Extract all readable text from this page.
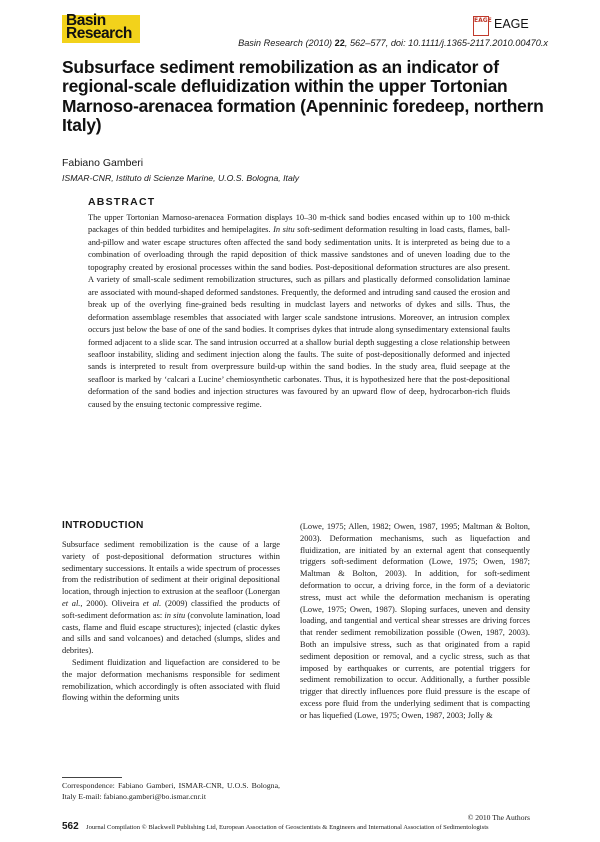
Basin
Research
EAGE EAGE
Basin Research (2010) 22, 562–577, doi: 10.1111/j.1365-2117.2010.00470.x
Subsurface sediment remobilization as an indicator of regional-scale defluidization within the upper Tortonian Marnoso-arenacea formation (Apenninic foredeep, northern Italy)
Fabiano Gamberi
ISMAR-CNR, Istituto di Scienze Marine, U.O.S. Bologna, Italy
ABSTRACT
The upper Tortonian Marnoso-arenacea Formation displays 10–30 m-thick sand bodies encased within up to 100 m-thick packages of thin bedded turbidites and hemipelagites. In situ soft-sediment deformation resulting in load casts, flames, ball-and-pillow and water escape structures often affected the sand body sedimentation units. It is interpreted as being due to a combination of overloading through the rapid deposition of thick massive sandstones and of uneven loading due to the topography created by erosional processes within the sand bodies. Post-depositional deformation structures are also present. A variety of small-scale sediment remobilization structures, such as pillars and plastically deformed consolidation laminae are associated with mound-shaped deformed sandstones. Frequently, the deformed and intruding sand caused the erosion and break up of the overlying fine-grained beds resulting in mudclast layers and networks of dykes and sills. Thus, the deformation assemblage resembles that associated with larger scale sandstone intrusions. Moreover, an intrusion complex occurs just below the base of one of the sand bodies. It comprises dykes that intrude along synsedimentary extensional faults formed adjacent to a slide scar. The sand intrusion occurred at a shallow burial depth suggesting a close relationship between seafloor instability, sliding and sediment injection along the faults. The suite of post-depositionally deformed and injected sands is interpreted to result from overpressure build-up within the sand bodies. In the study area, fluid seepage at the seafloor is marked by ‘calcari a Lucine’ chemiosynthetic carbonates. Thus, it is hypothesized here that the post-depositional deformation of the sand bodies and injection structures was favoured by an upward flow of deep, hydrocarbon-rich fluids caused by the ensuing tectonic compressive regime.
INTRODUCTION

Subsurface sediment remobilization is the cause of a large variety of post-depositional deformation structures within sedimentary successions. It entails a wide spectrum of processes from the redistribution of sediment at their original depositional location, through injection to extrusion at the seafloor (Lonergan et al., 2000). Oliveira et al. (2009) classified the products of soft-sediment deformation as: in situ (convolute lamination, load casts, flame and fluid escape structures); injected (clastic dykes and sills and sand volcanoes) and detached (slumps, slides and debrites).

Sediment fluidization and liquefaction are considered to be the major deformation mechanisms responsible for sediment remobilization, which accordingly is often associated with fluid flowing within the deforming units

(Lowe, 1975; Allen, 1982; Owen, 1987, 1995; Maltman & Bolton, 2003). Deformation mechanisms, such as liquefaction and fluidization, are initiated by an external agent that consequently triggers soft-sediment deformation (Lowe, 1975; Owen, 1987; Maltman & Bolton, 2003). In addition, for soft-sediment deformation to occur, a driving force, in the form of a deviatoric stress, must act while the deformation mechanism is operating (Lowe, 1975; Owen, 1987). Sloping surfaces, uneven and density loading, and tangential and vertical shear stresses are driving forces that render sediment remobilization possible (Owen, 1987, 2003). Both an impulsive stress, such as that originated from a rapid sediment deposition or removal, and a cyclic stress, such as that imposed by earthquakes or currents, are potential triggers for sediment remobilization to occur. Additionally, a further possible trigger that directly influences pore fluid pressure is the escape of excess pore fluid from the underlying sediment that is compacting or has liquefied (Lowe, 1975; Owen, 1987, 2003; Jolly &

Correspondence: Fabiano Gamberi, ISMAR-CNR, U.O.S. Bologna, Italy E-mail: fabiano.gamberi@bo.ismar.cnr.it
© 2010 The Authors
562 Journal Compilation © Blackwell Publishing Ltd, European Association of Geoscientists & Engineers and International Association of Sedimentologists
